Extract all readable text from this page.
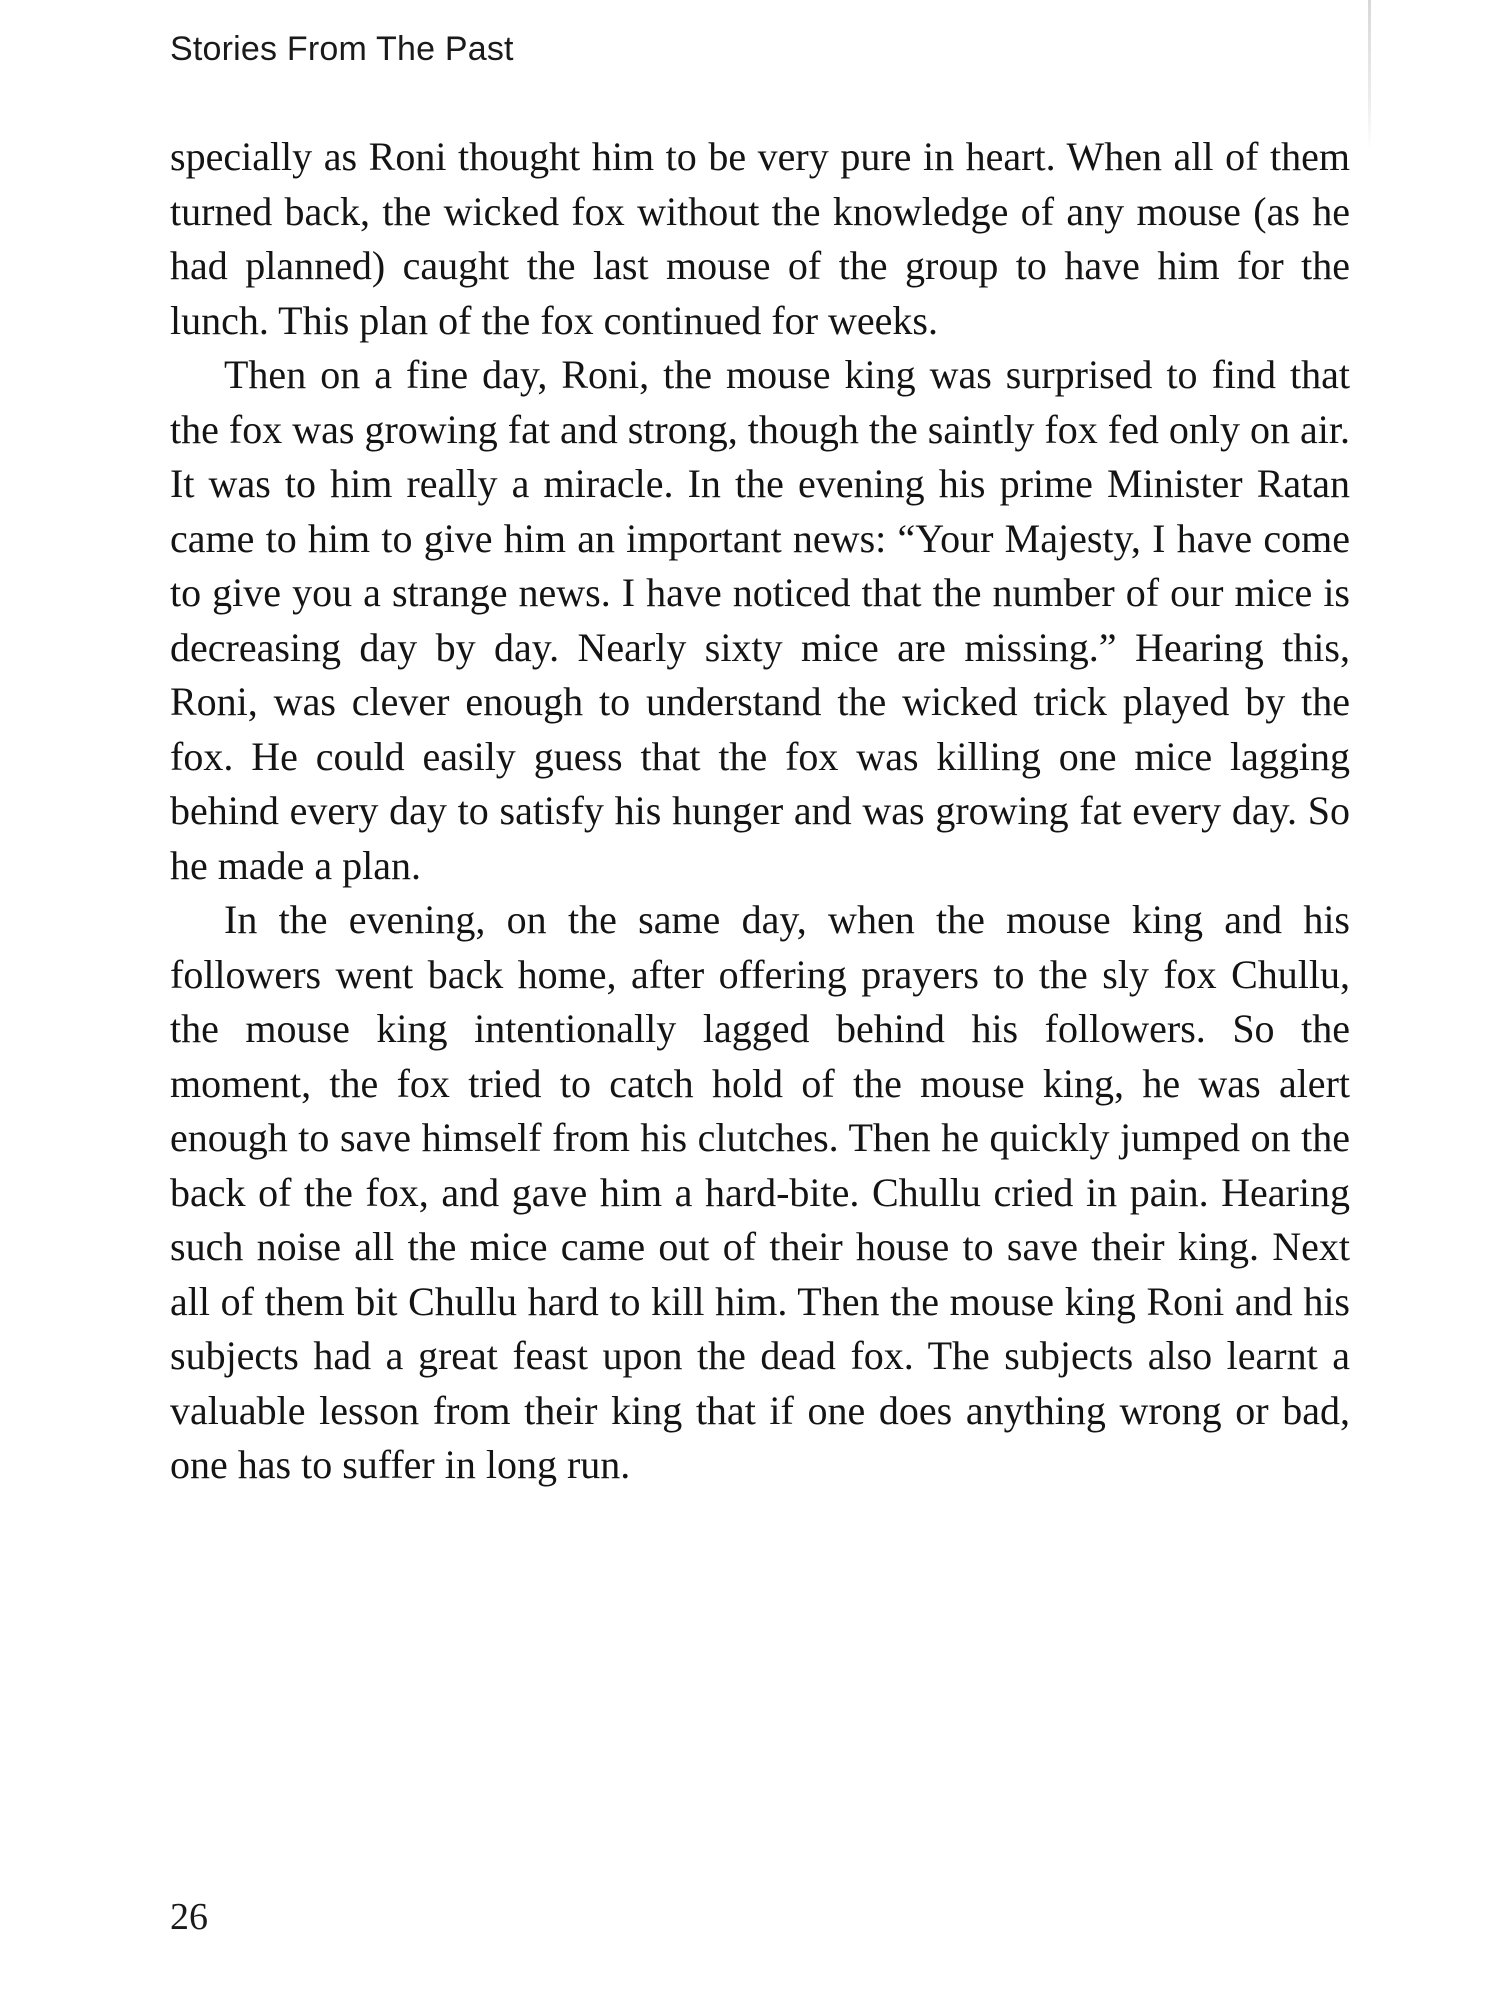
Stories From The Past

specially as Roni thought him to be very pure in heart. When all of them turned back, the wicked fox without the knowledge of any mouse (as he had planned) caught the last mouse of the group to have him for the lunch. This plan of the fox continued for weeks.

Then on a fine day, Roni, the mouse king was surprised to find that the fox was growing fat and strong, though the saintly fox fed only on air. It was to him really a miracle. In the evening his prime Minister Ratan came to him to give him an important news: “Your Majesty, I have come to give you a strange news. I have noticed that the number of our mice is decreasing day by day. Nearly sixty mice are missing.” Hearing this, Roni, was clever enough to understand the wicked trick played by the fox. He could easily guess that the fox was killing one mice lagging behind every day to satisfy his hunger and was growing fat every day. So he made a plan.

In the evening, on the same day, when the mouse king and his followers went back home, after offering prayers to the sly fox Chullu, the mouse king intentionally lagged behind his followers. So the moment, the fox tried to catch hold of the mouse king, he was alert enough to save himself from his clutches. Then he quickly jumped on the back of the fox, and gave him a hard-bite. Chullu cried in pain. Hearing such noise all the mice came out of their house to save their king. Next all of them bit Chullu hard to kill him. Then the mouse king Roni and his subjects had a great feast upon the dead fox. The subjects also learnt a valuable lesson from their king that if one does anything wrong or bad, one has to suffer in long run.

26
